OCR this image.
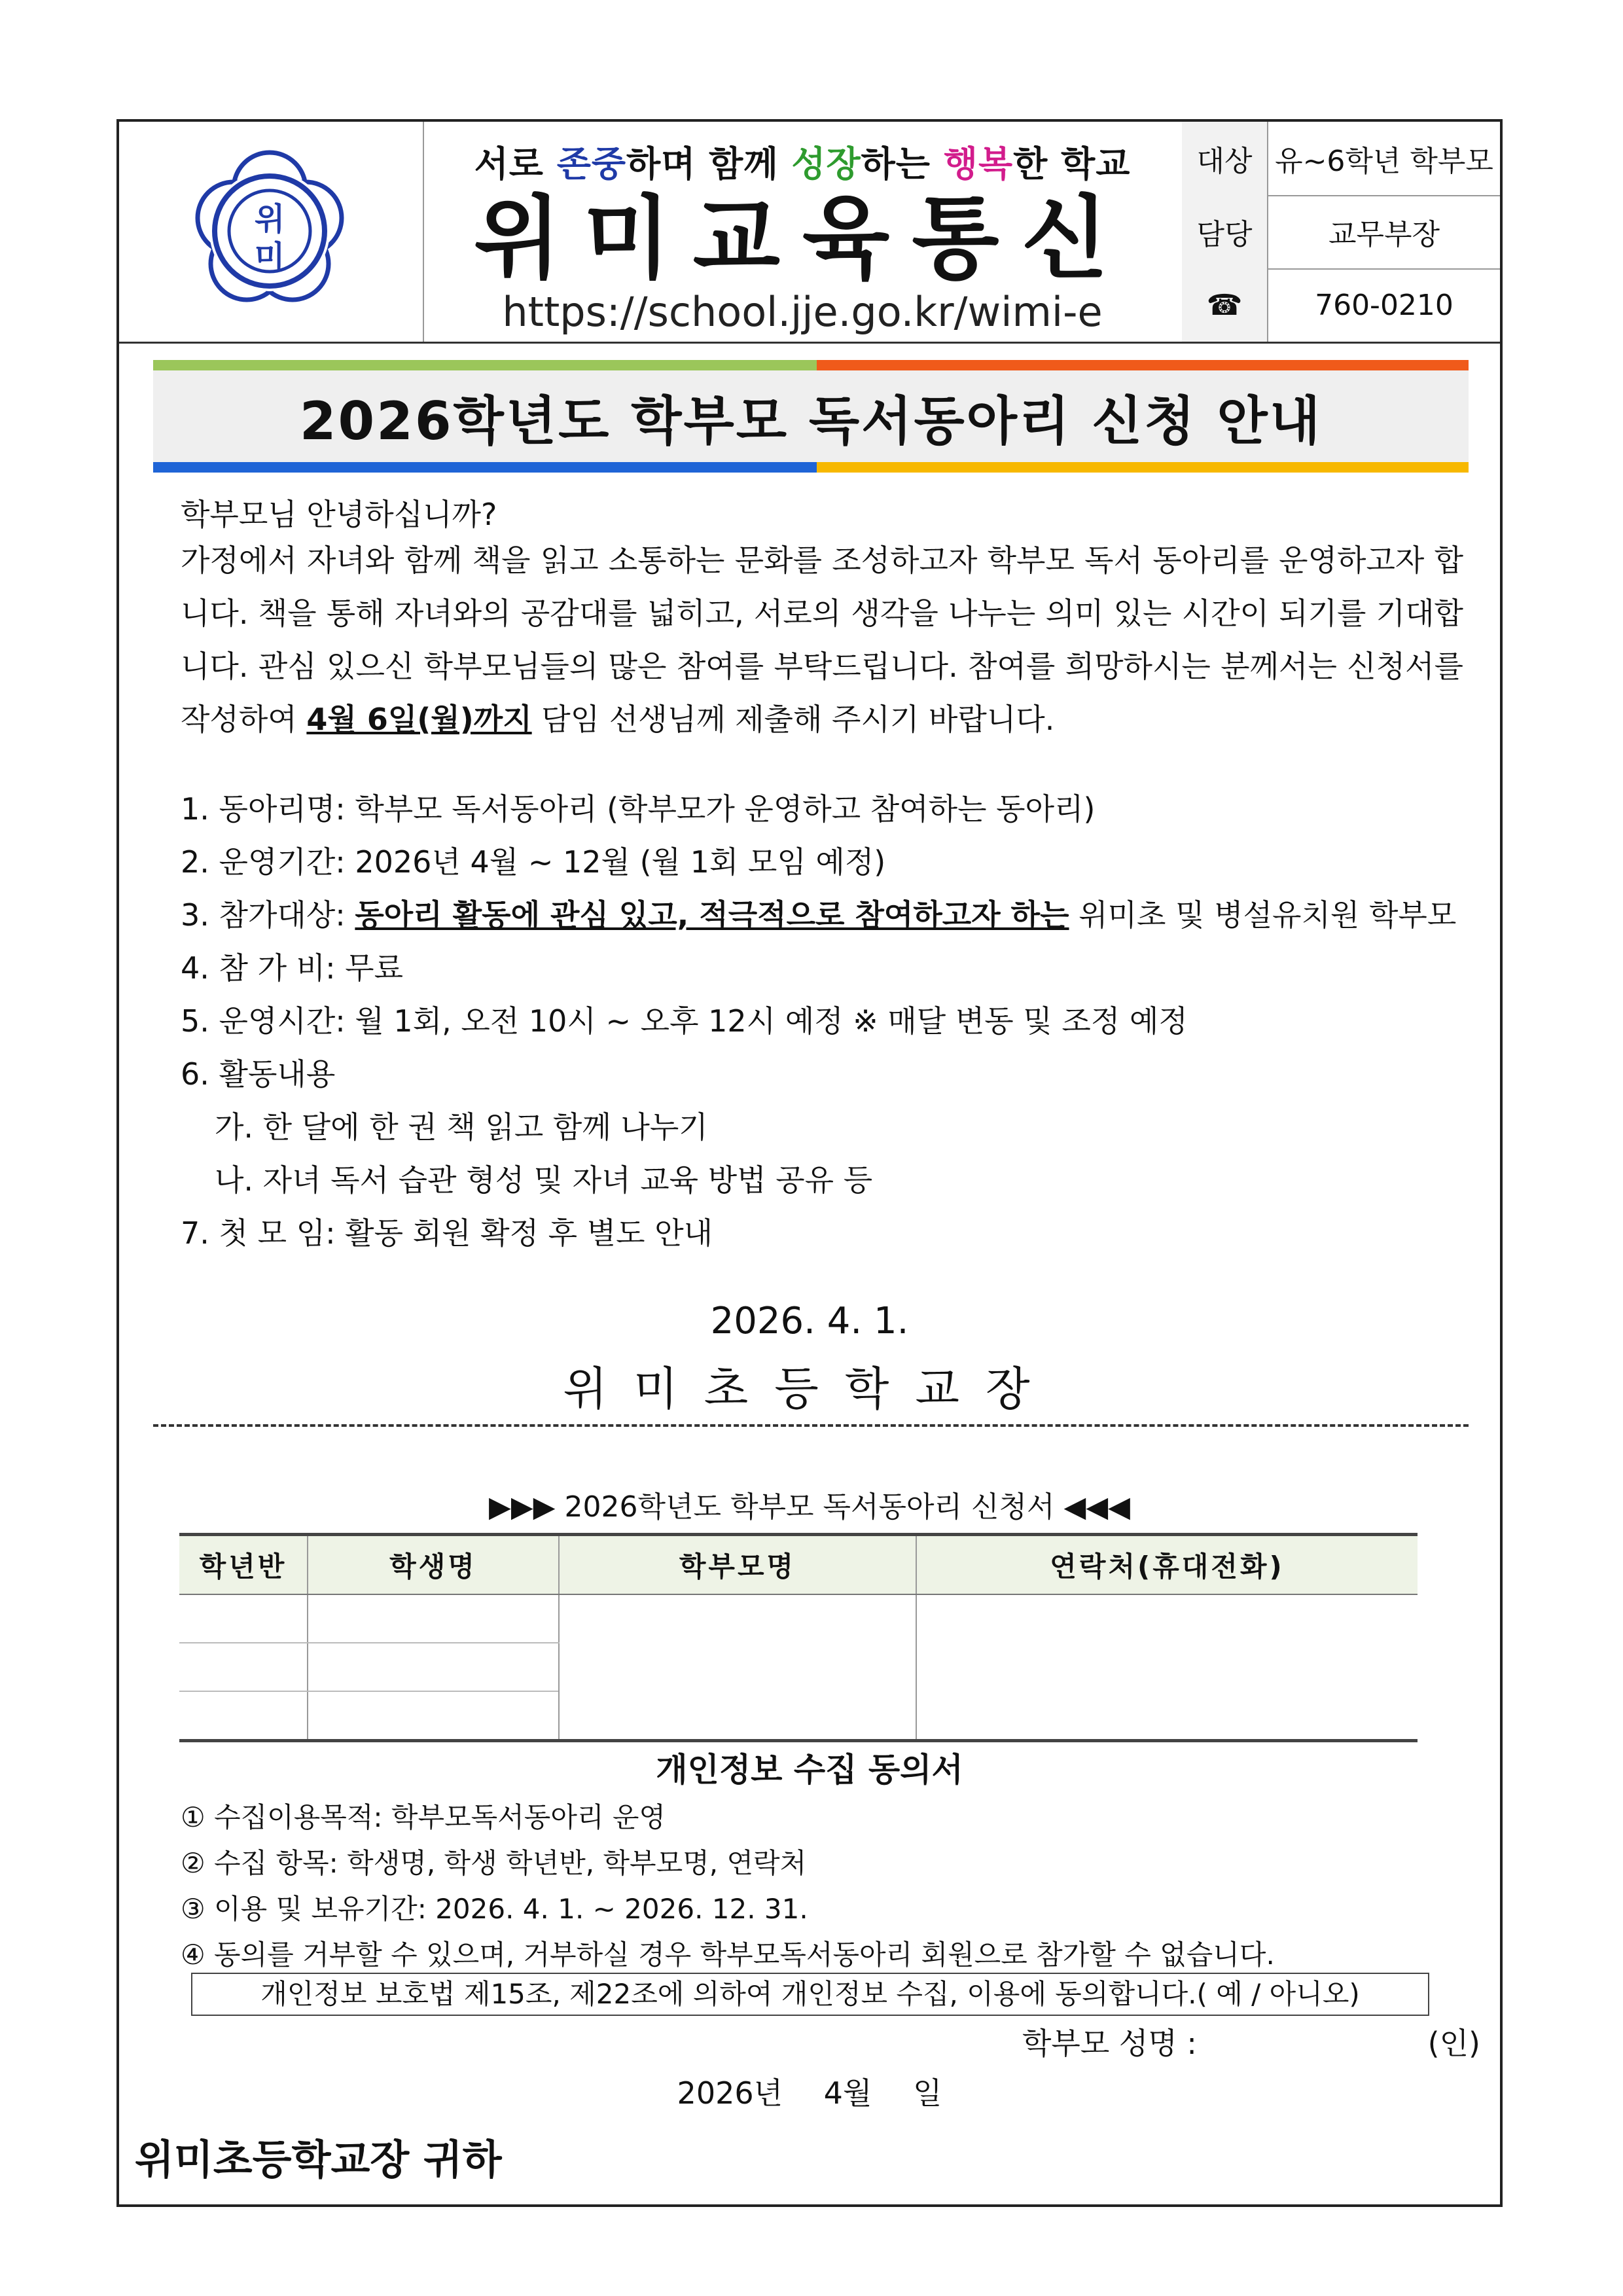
위
미
서로 존중하며 함께 성장하는 행복한 학교
위미교육통신
https://school.jje.go.kr/wimi-e
대상 유~6학년 학부모
담당	교무부장
☎	760-0210
2026학년도 학부모 독서동아리 신청 안내
학부모님 안녕하십니까?
가정에서 자녀와 함께 책을 읽고 소통하는 문화를 조성하고자 학부모 독서 동아리를 운영하고자 합니다. 책을 통해 자녀와의 공감대를 넓히고, 서로의 생각을 나누는 의미 있는 시간이 되기를 기대합니다. 관심 있으신 학부모님들의 많은 참여를 부탁드립니다. 참여를 희망하시는 분께서는 신청서를 작성하여 4월 6일(월)까지 담임 선생님께 제출해 주시기 바랍니다.
1. 동아리명: 학부모 독서동아리 (학부모가 운영하고 참여하는 동아리)
2. 운영기간: 2026년 4월 ~ 12월 (월 1회 모임 예정)
3. 참가대상: 동아리 활동에 관심 있고, 적극적으로 참여하고자 하는 위미초 및 병설유치원 학부모
4. 참 가 비: 무료
5. 운영시간: 월 1회, 오전 10시 ~ 오후 12시 예정 ※ 매달 변동 및 조정 예정
6. 활동내용
가. 한 달에 한 권 책 읽고 함께 나누기
나. 자녀 독서 습관 형성 및 자녀 교육 방법 공유 등
7. 첫 모 임: 활동 회원 확정 후 별도 안내
2026. 4. 1.
위미초등학교장
▶▶▶ 2026학년도 학부모 독서동아리 신청서 ◀◀◀
학년반	학생명	학부모명	연락처(휴대전화)

개인정보 수집 동의서
① 수집이용목적: 학부모독서동아리 운영
② 수집 항목: 학생명, 학생 학년반, 학부모명, 연락처
③ 이용 및 보유기간: 2026. 4. 1. ~ 2026. 12. 31.
④ 동의를 거부할 수 있으며, 거부하실 경우 학부모독서동아리 회원으로 참가할 수 없습니다.
개인정보 보호법 제15조, 제22조에 의하여 개인정보 수집, 이용에 동의합니다.( 예 / 아니오)
학부모 성명 :	(인)
2026년 4월 일
위미초등학교장 귀하
